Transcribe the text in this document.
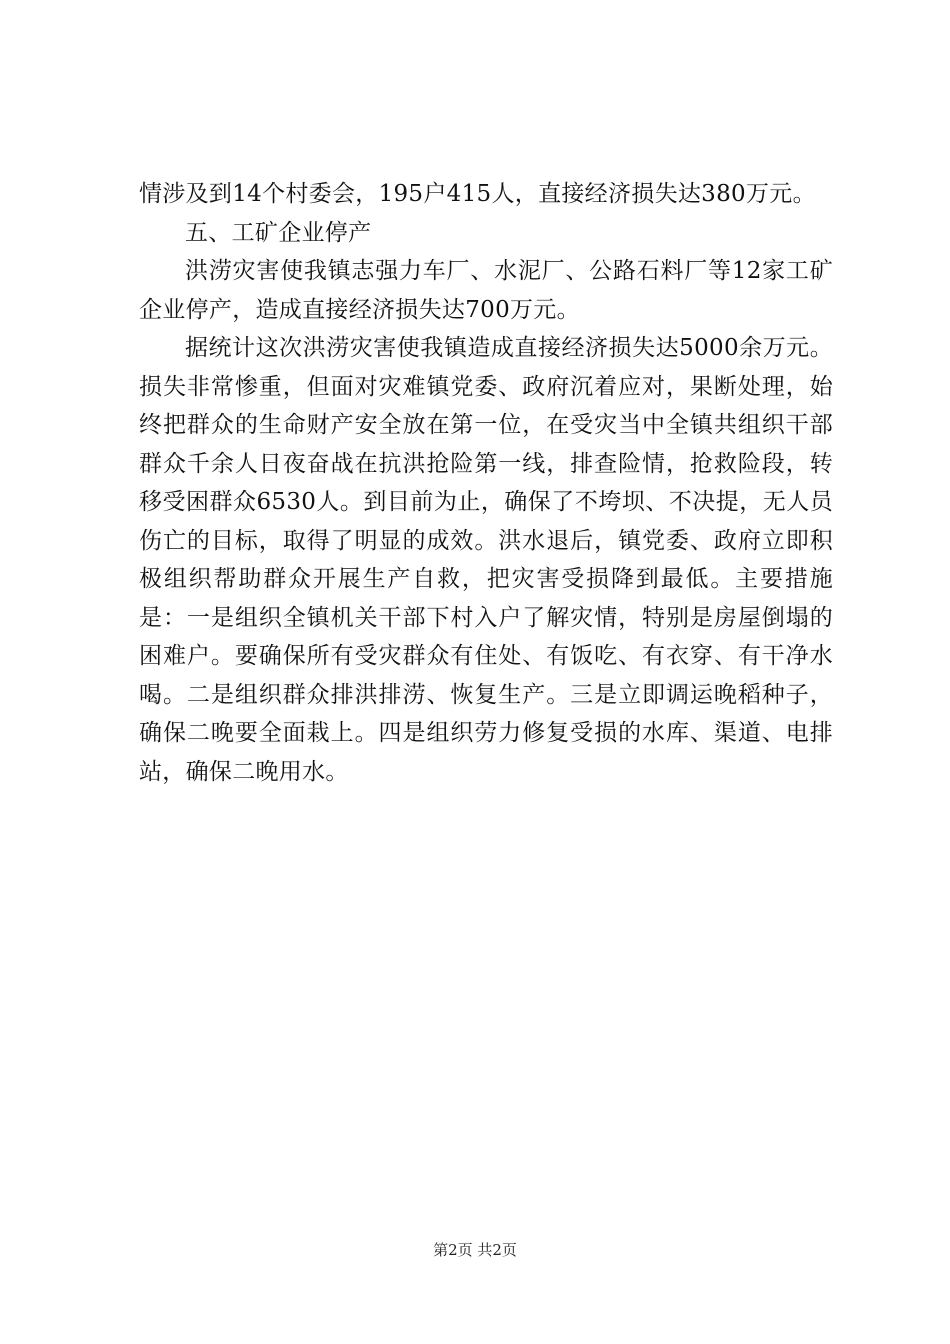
情涉及到14个村委会，195户415人，直接经济损失达380万元。

五、工矿企业停产

洪涝灾害使我镇志强力车厂、水泥厂、公路石料厂等12家工矿企业停产，造成直接经济损失达700万元。

据统计这次洪涝灾害使我镇造成直接经济损失达5000余万元。损失非常惨重，但面对灾难镇党委、政府沉着应对，果断处理，始终把群众的生命财产安全放在第一位，在受灾当中全镇共组织干部群众千余人日夜奋战在抗洪抢险第一线，排查险情，抢救险段，转移受困群众6530人。到目前为止，确保了不垮坝、不决提，无人员伤亡的目标，取得了明显的成效。洪水退后，镇党委、政府立即积极组织帮助群众开展生产自救，把灾害受损降到最低。主要措施是：一是组织全镇机关干部下村入户了解灾情，特别是房屋倒塌的困难户。要确保所有受灾群众有住处、有饭吃、有衣穿、有干净水喝。二是组织群众排洪排涝、恢复生产。三是立即调运晚稻种子，确保二晚要全面栽上。四是组织劳力修复受损的水库、渠道、电排站，确保二晚用水。

第2页 共2页
